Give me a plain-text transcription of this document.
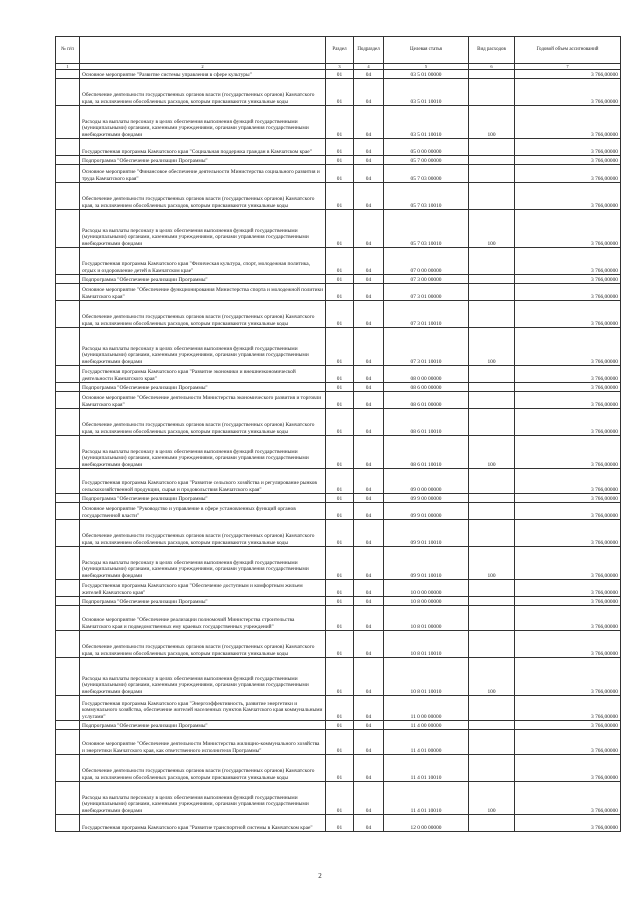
№ п/п		Раздел	Подраздел	Целевая статья	Вид расходов	Годовой объем ассигнований
1	2	3	4	5	6	7
	Основное мероприятие "Развитие системы управления в сфере культуры"	01	04	03 5 01 00000		3 766,00000
	Обеспечение деятельности государственных органов власти (государственных органов) Камчатского края, за исключением обособленных расходов, которым присваиваются уникальные коды	01	04	03 5 01 10010		3 766,00000
	Расходы на выплаты персоналу в целях обеспечения выполнения функций государственными (муниципальными) органами, казенными учреждениями, органами управления государственными внебюджетными фондами	01	04	03 5 01 10010	100	3 766,00000
	Государственная программа Камчатского края "Социальная поддержка граждан в Камчатском крае"	01	04	05 0 00 00000		3 766,00000
	Подпрограмма "Обеспечение реализации Программы"	01	04	05 7 00 00000		3 766,00000
	Основное мероприятие "Финансовое обеспечение деятельности Министерства социального развития и труда Камчатского края"	01	04	05 7 03 00000		3 766,00000
	Обеспечение деятельности государственных органов власти (государственных органов) Камчатского края, за исключением обособленных расходов, которым присваиваются уникальные коды	01	04	05 7 03 10010		3 766,00000
	Расходы на выплаты персоналу в целях обеспечения выполнения функций государственными (муниципальными) органами, казенными учреждениями, органами управления государственными внебюджетными фондами	01	04	05 7 03 10010	100	3 766,00000
	Государственная программа Камчатского края "Физическая культура, спорт, молодежная политика, отдых и оздоровление детей в Камчатском крае"	01	04	07 0 00 00000		3 766,00000
	Подпрограмма "Обеспечение реализации Программы"	01	04	07 3 00 00000		3 766,00000
	Основное мероприятие "Обеспечение функционирования Министерства спорта и молодежной политики Камчатского края"	01	04	07 3 01 00000		3 766,00000
	Обеспечение деятельности государственных органов власти (государственных органов) Камчатского края, за исключением обособленных расходов, которым присваиваются уникальные коды	01	04	07 3 01 10010		3 766,00000
	Расходы на выплаты персоналу в целях обеспечения выполнения функций государственными (муниципальными) органами, казенными учреждениями, органами управления государственными внебюджетными фондами	01	04	07 3 01 10010	100	3 766,00000
	Государственная программа Камчатского края "Развитие экономики и внешнеэкономической деятельности Камчатского края"	01	04	08 0 00 00000		3 766,00000
	Подпрограмма "Обеспечение реализации Программы"	01	04	08 6 00 00000		3 766,00000
	Основное мероприятие "Обеспечение деятельности Министерства экономического развития и торговли Камчатского края"	01	04	08 6 01 00000		3 766,00000
	Обеспечение деятельности государственных органов власти (государственных органов) Камчатского края, за исключением обособленных расходов, которым присваиваются уникальные коды	01	04	08 6 01 10010		3 766,00000
	Расходы на выплаты персоналу в целях обеспечения выполнения функций государственными (муниципальными) органами, казенными учреждениями, органами управления государственными внебюджетными фондами	01	04	08 6 01 10010	100	3 766,00000
	Государственная программа Камчатского края "Развитие сельского хозяйства и регулирование рынков сельскохозяйственной продукции, сырья и продовольствия Камчатского края"	01	04	09 0 00 00000		3 766,00000
	Подпрограмма "Обеспечение реализации Программы"	01	04	09 9 00 00000		3 766,00000
	Основное мероприятие "Руководство и управление в сфере установленных функций органов государственной власти"	01	04	09 9 01 00000		3 766,00000
	Обеспечение деятельности государственных органов власти (государственных органов) Камчатского края, за исключением обособленных расходов, которым присваиваются уникальные коды	01	04	09 9 01 10010		3 766,00000
	Расходы на выплаты персоналу в целях обеспечения выполнения функций государственными (муниципальными) органами, казенными учреждениями, органами управления государственными внебюджетными фондами	01	04	09 9 01 10010	100	3 766,00000
	Государственная программа Камчатского края "Обеспечение доступным и комфортным жильем жителей Камчатского края"	01	04	10 0 00 00000		3 766,00000
	Подпрограмма "Обеспечение реализации Программы"	01	04	10 8 00 00000		3 766,00000
	Основное мероприятие "Обеспечение реализации полномочий Министерства строительства Камчатского края и подведомственных ему краевых государственных учреждений"	01	04	10 8 01 00000		3 766,00000
	Обеспечение деятельности государственных органов власти (государственных органов) Камчатского края, за исключением обособленных расходов, которым присваиваются уникальные коды	01	04	10 8 01 10010		3 766,00000
	Расходы на выплаты персоналу в целях обеспечения выполнения функций государственными (муниципальными) органами, казенными учреждениями, органами управления государственными внебюджетными фондами	01	04	10 8 01 10010	100	3 766,00000
	Государственная программа Камчатского края "Энергоэффективность, развитие энергетики и коммунального хозяйства, обеспечение жителей населенных пунктов Камчатского края коммунальными услугами"	01	04	11 0 00 00000		3 766,00000
	Подпрограмма "Обеспечение реализации Программы"	01	04	11 4 00 00000		3 766,00000
	Основное мероприятие "Обеспечение деятельности Министерства жилищно-коммунального хозяйства и энергетики Камчатского края, как ответственного исполнителя Программы"	01	04	11 4 01 00000		3 766,00000
	Обеспечение деятельности государственных органов власти (государственных органов) Камчатского края, за исключением обособленных расходов, которым присваиваются уникальные коды	01	04	11 4 01 10010		3 766,00000
	Расходы на выплаты персоналу в целях обеспечения выполнения функций государственными (муниципальными) органами, казенными учреждениями, органами управления государственными внебюджетными фондами	01	04	11 4 01 10010	100	3 766,00000
	Государственная программа Камчатского края "Развитие транспортной системы в Камчатском крае"	01	04	12 0 00 00000		3 766,00000
2
